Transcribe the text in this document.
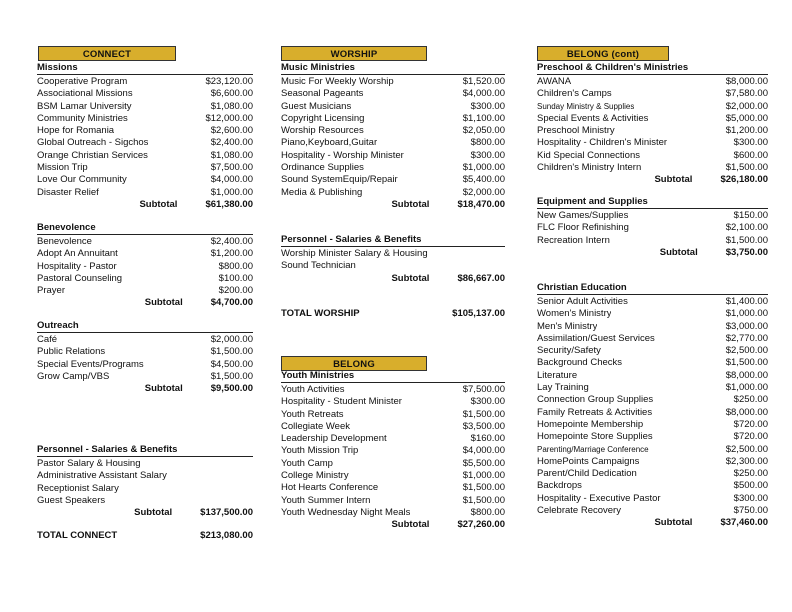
CONNECT
Missions
Cooperative Program	$23,120.00
Associational Missions	$6,600.00
BSM Lamar University	$1,080.00
Community Ministries	$12,000.00
Hope for Romania	$2,600.00
Global Outreach - Sigchos	$2,400.00
Orange Christian Services	$1,080.00
Mission Trip	$7,500.00
Love Our Community	$4,000.00
Disaster Relief	$1,000.00
Subtotal	$61,380.00
Benevolence
Benevolence	$2,400.00
Adopt An Annuitant	$1,200.00
Hospitality - Pastor	$800.00
Pastoral Counseling	$100.00
Prayer	$200.00
Subtotal	$4,700.00
Outreach
Café	$2,000.00
Public Relations	$1,500.00
Special Events/Programs	$4,500.00
Grow Camp/VBS	$1,500.00
Subtotal	$9,500.00
Personnel - Salaries & Benefits
Pastor Salary & Housing
Administrative Assistant Salary
Receptionist Salary
Guest Speakers
Subtotal	$137,500.00
TOTAL CONNECT	$213,080.00
WORSHIP
Music Ministries
Music For Weekly Worship	$1,520.00
Seasonal Pageants	$4,000.00
Guest Musicians	$300.00
Copyright Licensing	$1,100.00
Worship Resources	$2,050.00
Piano,Keyboard,Guitar	$800.00
Hospitality - Worship Minister	$300.00
Ordinance Supplies	$1,000.00
Sound SystemEquip/Repair	$5,400.00
Media & Publishing	$2,000.00
Subtotal	$18,470.00
Personnel - Salaries & Benefits
Worship Minister Salary & Housing
Sound Technician
Subtotal	$86,667.00
TOTAL WORSHIP	$105,137.00
BELONG
Youth Ministries
Youth Activities	$7,500.00
Hospitality - Student Minister	$300.00
Youth Retreats	$1,500.00
Collegiate Week	$3,500.00
Leadership Development	$160.00
Youth Mission Trip	$4,000.00
Youth Camp	$5,500.00
College Ministry	$1,000.00
Hot Hearts Conference	$1,500.00
Youth Summer Intern	$1,500.00
Youth Wednesday Night Meals	$800.00
Subtotal	$27,260.00
BELONG (cont)
Preschool & Children's Ministries
AWANA	$8,000.00
Children's Camps	$7,580.00
Sunday Ministry & Supplies	$2,000.00
Special Events & Activities	$5,000.00
Preschool Ministry	$1,200.00
Hospitality - Children's Minister	$300.00
Kid Special Connections	$600.00
Children's Ministry Intern	$1,500.00
Subtotal	$26,180.00
Equipment and Supplies
New Games/Supplies	$150.00
FLC Floor Refinishing	$2,100.00
Recreation Intern	$1,500.00
Subtotal	$3,750.00
Christian Education
Senior Adult Activities	$1,400.00
Women's Ministry	$1,000.00
Men's Ministry	$3,000.00
Assimilation/Guest Services	$2,770.00
Security/Safety	$2,500.00
Background Checks	$1,500.00
Literature	$8,000.00
Lay Training	$1,000.00
Connection Group Supplies	$250.00
Family Retreats & Activities	$8,000.00
Homepointe Membership	$720.00
Homepointe Store Supplies	$720.00
Parenting/Marriage Conference	$2,500.00
HomePoints Campaigns	$2,300.00
Parent/Child Dedication	$250.00
Backdrops	$500.00
Hospitality - Executive Pastor	$300.00
Celebrate Recovery	$750.00
Subtotal	$37,460.00
